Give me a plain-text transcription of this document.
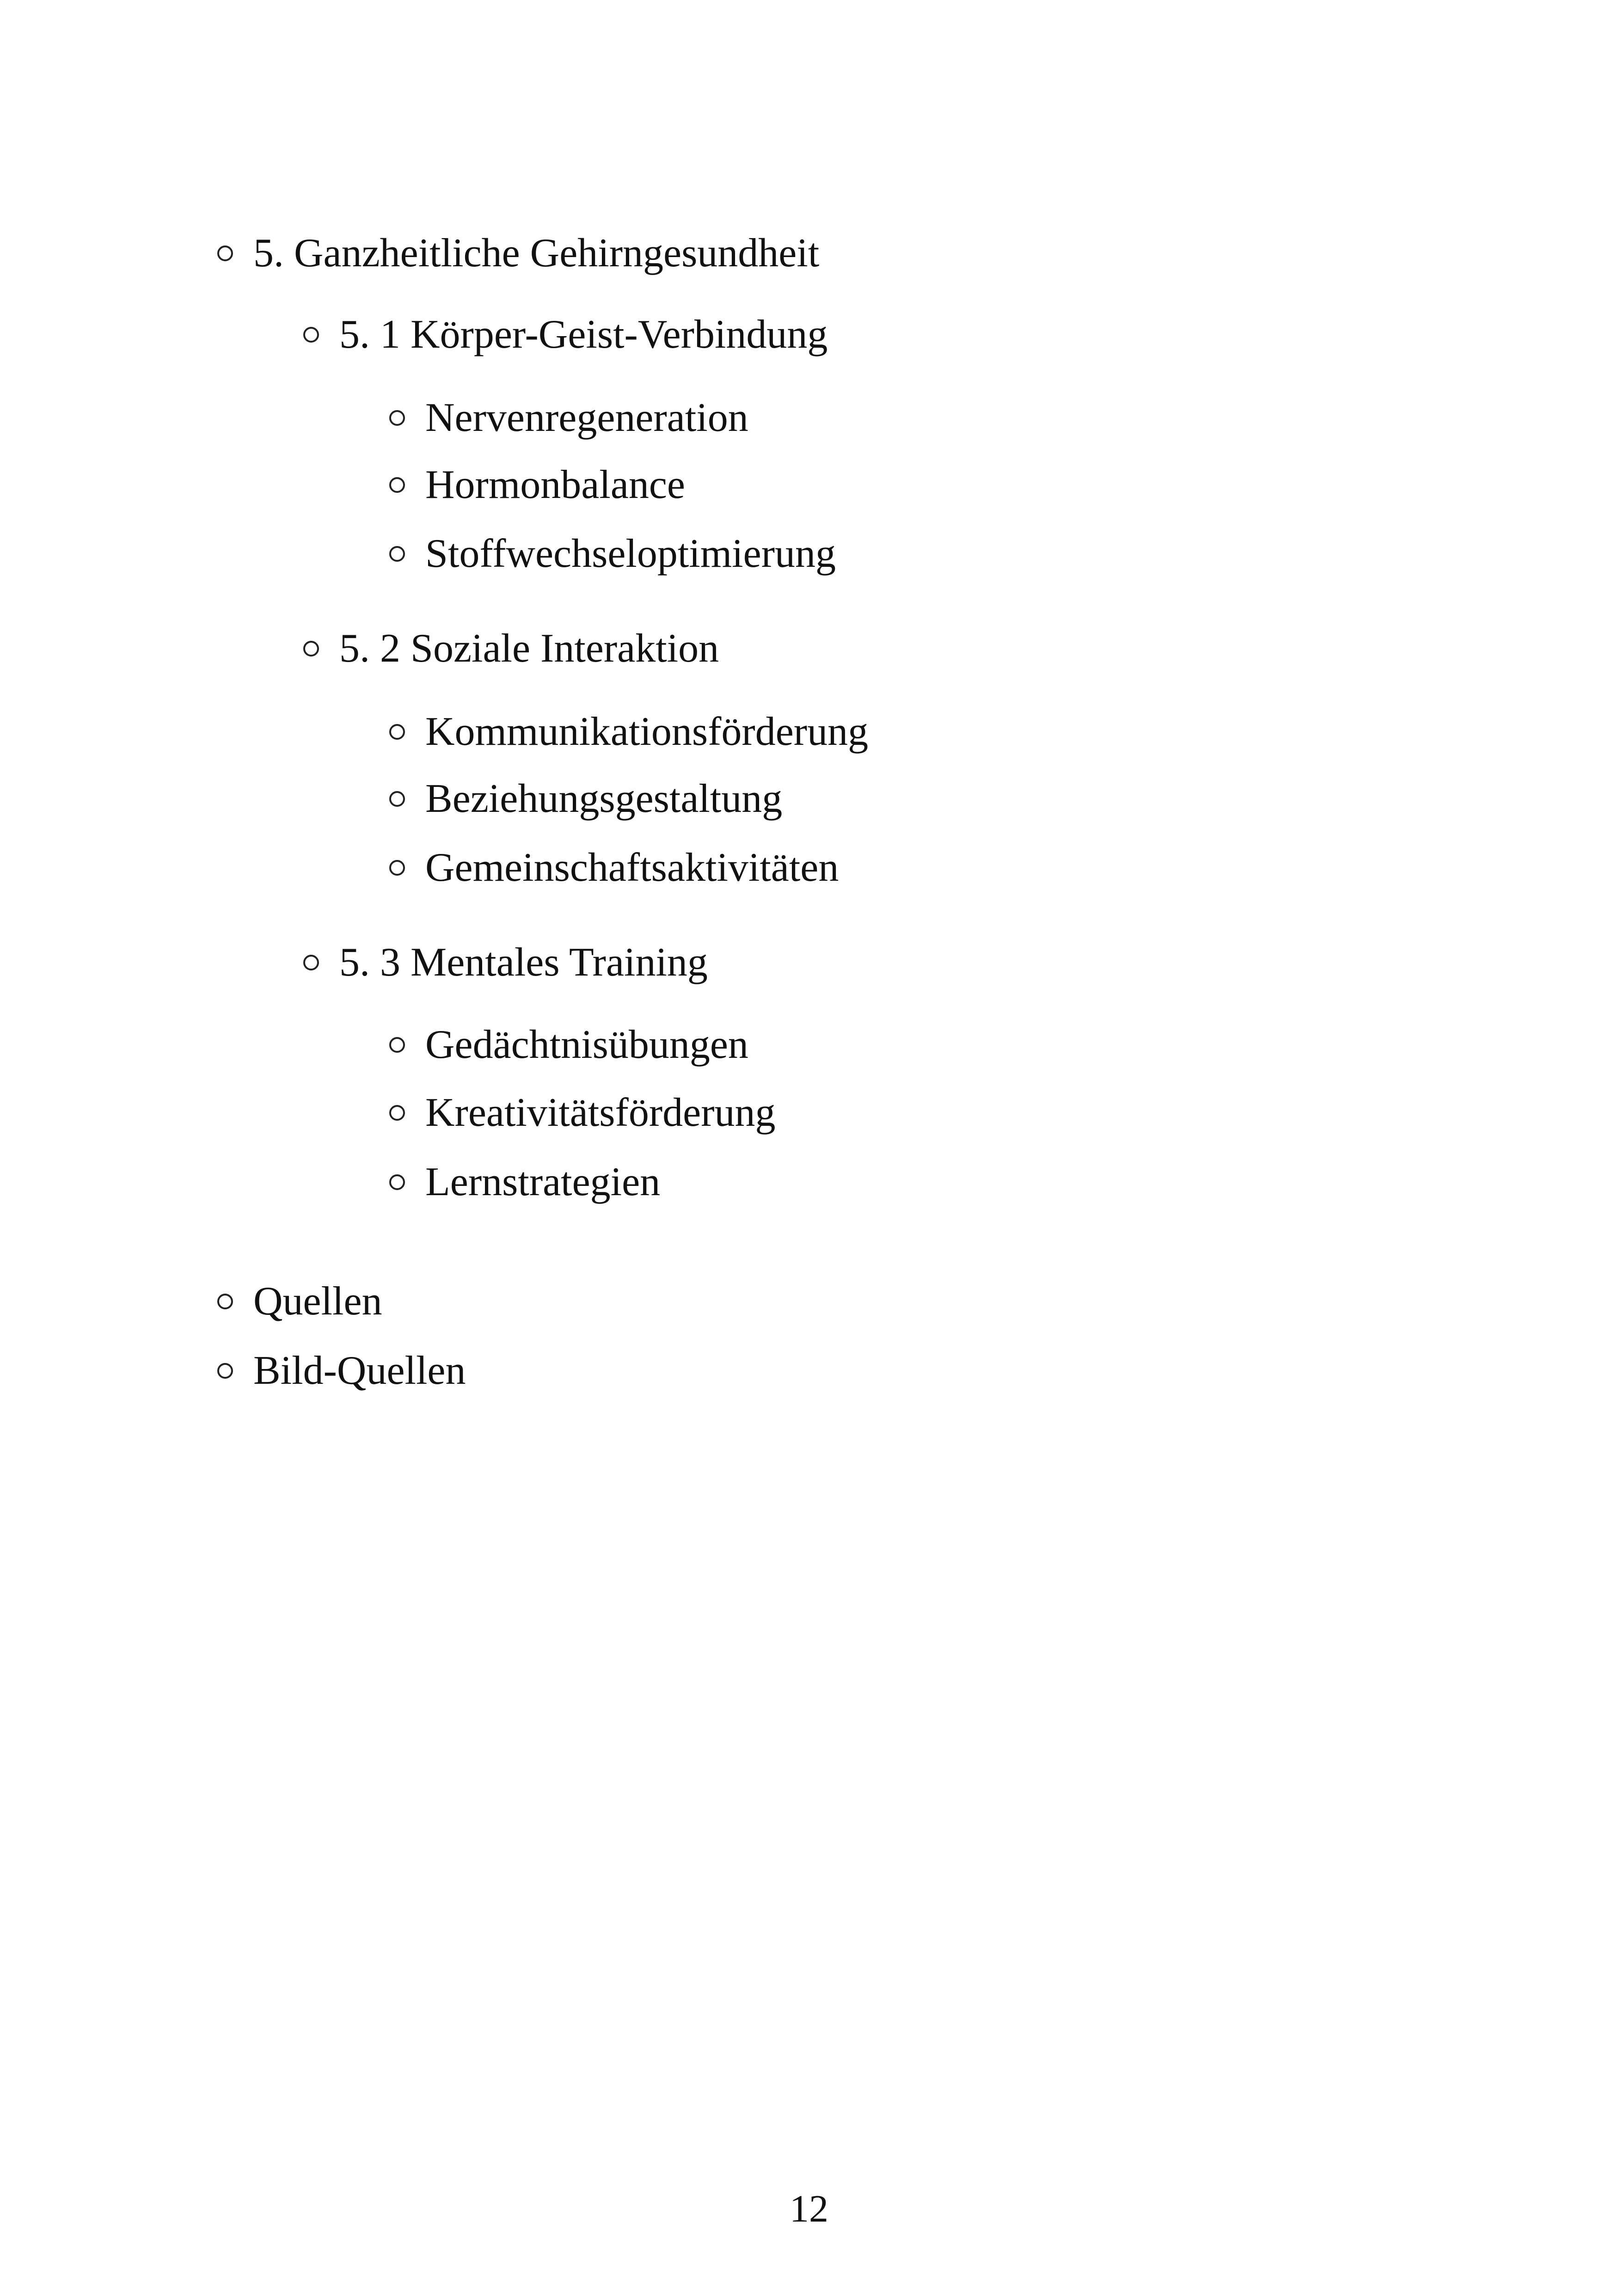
5. Ganzheitliche Gehirngesundheit
5. 1 Körper-Geist-Verbindung
Nervenregeneration
Hormonbalance
Stoffwechseloptimierung
5. 2 Soziale Interaktion
Kommunikationsförderung
Beziehungsgestaltung
Gemeinschaftsaktivitäten
5. 3 Mentales Training
Gedächtnisübungen
Kreativitätsförderung
Lernstrategien
Quellen
Bild-Quellen
12
